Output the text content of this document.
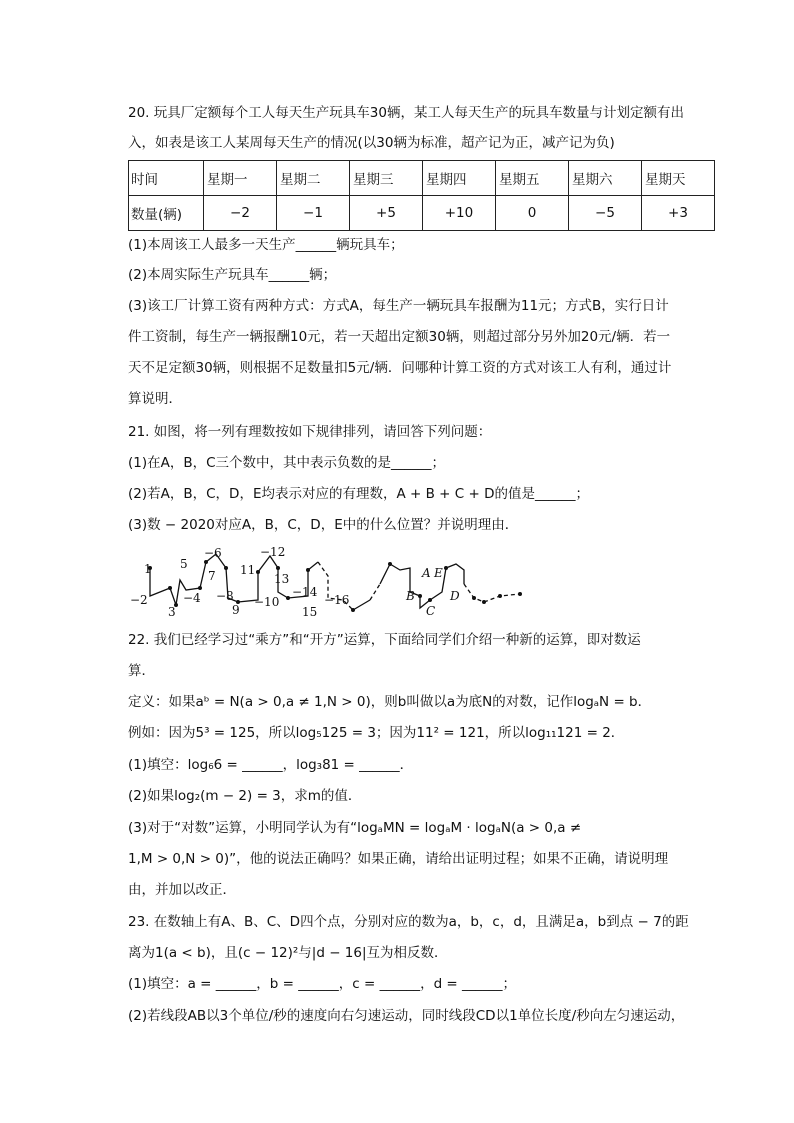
20. 玩具厂定额每个工人每天生产玩具车30辆，某工人每天生产的玩具车数量与计划定额有出
入，如表是该工人某周每天生产的情况(以30辆为标准，超产记为正，减产记为负)
时间	星期一	星期二	星期三	星期四	星期五	星期六	星期天
数量(辆)	−2	−1	+5	+10	0	−5	+3
(1)本周该工人最多一天生产______辆玩具车；
(2)本周实际生产玩具车______辆；
(3)该工厂计算工资有两种方式：方式A，每生产一辆玩具车报酬为11元；方式B，实行日计
件工资制，每生产一辆报酬10元，若一天超出定额30辆，则超过部分另外加20元/辆．若一
天不足定额30辆，则根据不足数量扣5元/辆．问哪种计算工资的方式对该工人有利，通过计
算说明．
21. 如图，将一列有理数按如下规律排列，请回答下列问题：
(1)在A，B，C三个数中，其中表示负数的是______；
(2)若A，B，C，D，E均表示对应的有理数，A + B + C + D的值是______；
(3)数 − 2020对应A，B，C，D，E中的什么位置？并说明理由．
1
−2
3
−4
5
−6
7
−8
9
−10
11
−12
13
−14
15
−16
A E
B
C
D
22. 我们已经学习过“乘方”和“开方”运算，下面给同学们介绍一种新的运算，即对数运
算．
定义：如果aᵇ = N(a > 0,a ≠ 1,N > 0)，则b叫做以a为底N的对数，记作logₐN = b．
例如：因为5³ = 125，所以log₅125 = 3；因为11² = 121，所以log₁₁121 = 2．
(1)填空：log₆6 = ______，log₃81 = ______．
(2)如果log₂(m − 2) = 3，求m的值．
(3)对于“对数”运算，小明同学认为有“logₐMN = logₐM · logₐN(a > 0,a ≠
1,M > 0,N > 0)”，他的说法正确吗？如果正确，请给出证明过程；如果不正确，请说明理
由，并加以改正．
23. 在数轴上有A、B、C、D四个点，分别对应的数为a，b，c，d，且满足a，b到点 − 7的距
离为1(a < b)，且(c − 12)²与|d − 16|互为相反数．
(1)填空：a = ______，b = ______，c = ______，d = ______；
(2)若线段AB以3个单位/秒的速度向右匀速运动，同时线段CD以1单位长度/秒向左匀速运动，
